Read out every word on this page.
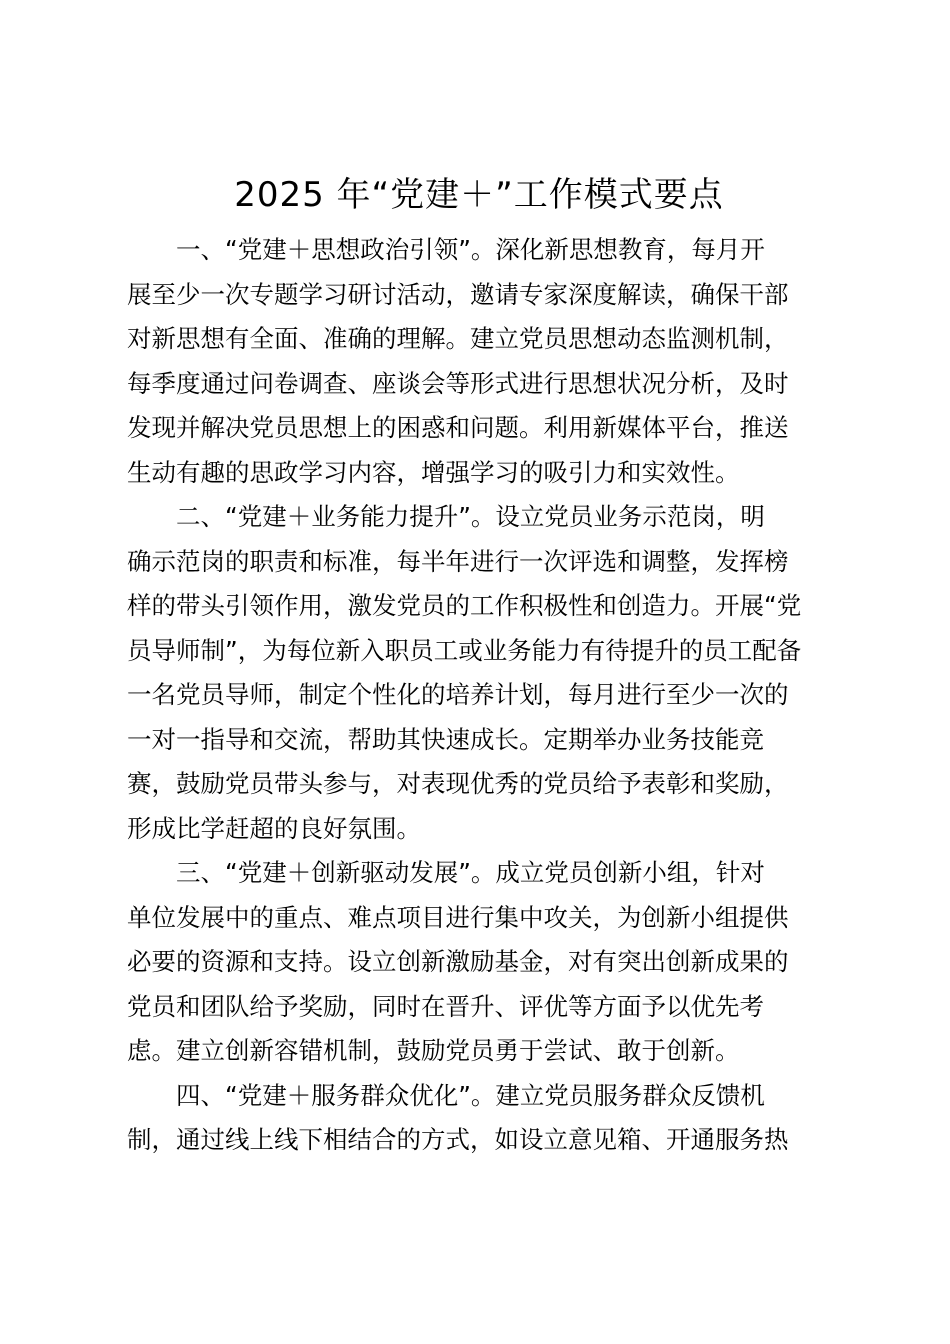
2025 年“党建＋”工作模式要点
一、“党建＋思想政治引领”。深化新思想教育，每月开
展至少一次专题学习研讨活动，邀请专家深度解读，确保干部
对新思想有全面、准确的理解。建立党员思想动态监测机制，
每季度通过问卷调查、座谈会等形式进行思想状况分析，及时
发现并解决党员思想上的困惑和问题。利用新媒体平台，推送
生动有趣的思政学习内容，增强学习的吸引力和实效性。
二、“党建＋业务能力提升”。设立党员业务示范岗，明
确示范岗的职责和标准，每半年进行一次评选和调整，发挥榜
样的带头引领作用，激发党员的工作积极性和创造力。开展“党
员导师制”，为每位新入职员工或业务能力有待提升的员工配备
一名党员导师，制定个性化的培养计划，每月进行至少一次的
一对一指导和交流，帮助其快速成长。定期举办业务技能竞
赛，鼓励党员带头参与，对表现优秀的党员给予表彰和奖励，
形成比学赶超的良好氛围。
三、“党建＋创新驱动发展”。成立党员创新小组，针对
单位发展中的重点、难点项目进行集中攻关，为创新小组提供
必要的资源和支持。设立创新激励基金，对有突出创新成果的
党员和团队给予奖励，同时在晋升、评优等方面予以优先考
虑。建立创新容错机制，鼓励党员勇于尝试、敢于创新。
四、“党建＋服务群众优化”。建立党员服务群众反馈机
制，通过线上线下相结合的方式，如设立意见箱、开通服务热
